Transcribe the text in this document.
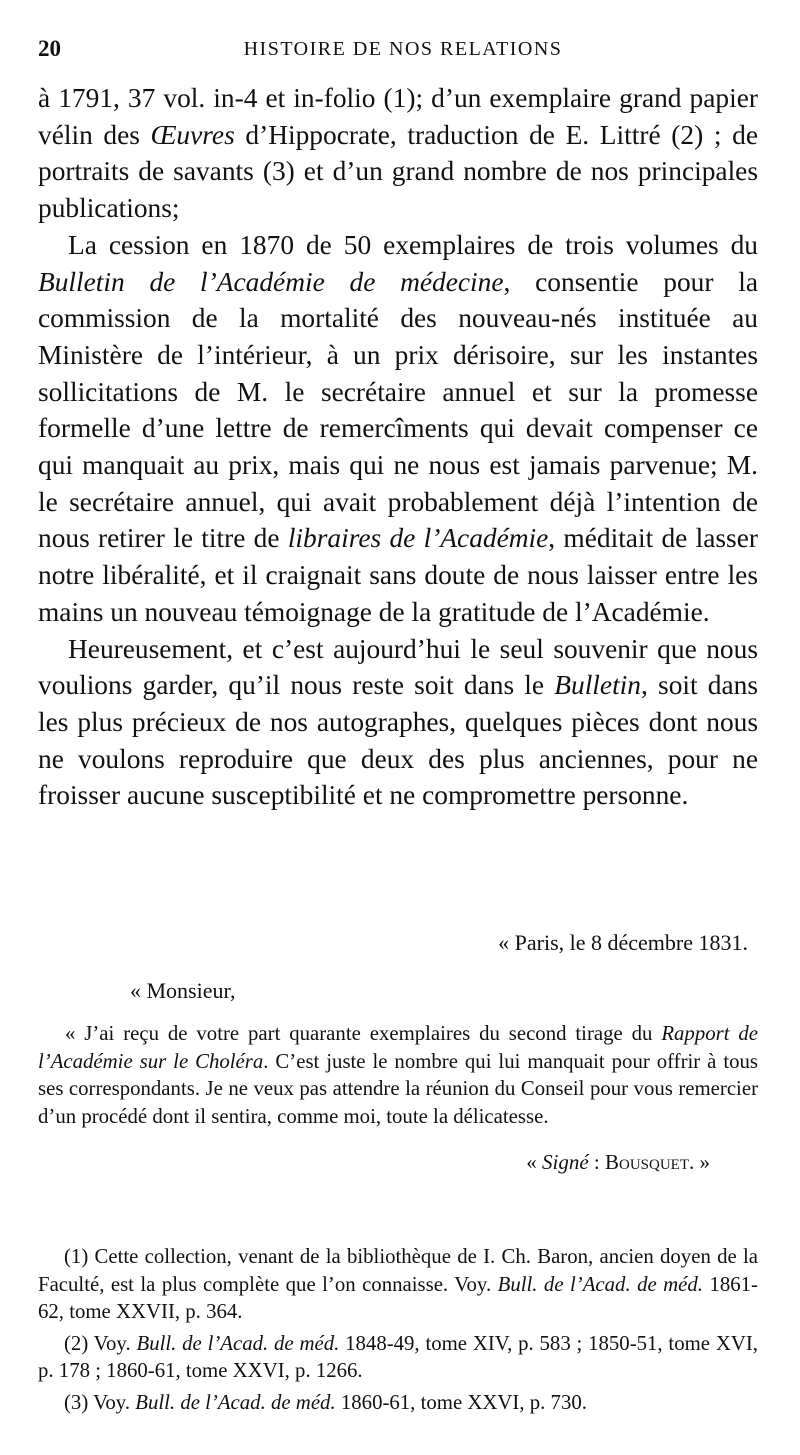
20	HISTOIRE DE NOS RELATIONS

à 1791, 37 vol. in-4 et in-folio (1); d’un exemplaire grand papier vélin des Œuvres d’Hippocrate, traduction de E. Littré (2) ; de portraits de savants (3) et d’un grand nombre de nos principales publications;

La cession en 1870 de 50 exemplaires de trois volumes du Bulletin de l’Académie de médecine, consentie pour la commission de la mortalité des nouveau-nés instituée au Ministère de l’intérieur, à un prix dérisoire, sur les instantes sollicitations de M. le secrétaire annuel et sur la promesse formelle d’une lettre de remercîments qui devait compenser ce qui manquait au prix, mais qui ne nous est jamais parvenue; M. le secrétaire annuel, qui avait probablement déjà l’intention de nous retirer le titre de libraires de l’Académie, méditait de lasser notre libéralité, et il craignait sans doute de nous laisser entre les mains un nouveau témoignage de la gratitude de l’Académie.

Heureusement, et c’est aujourd’hui le seul souvenir que nous voulions garder, qu’il nous reste soit dans le Bulletin, soit dans les plus précieux de nos autographes, quelques pièces dont nous ne voulons reproduire que deux des plus anciennes, pour ne froisser aucune susceptibilité et ne compromettre personne.

« Paris, le 8 décembre 1831.

« Monsieur,

« J’ai reçu de votre part quarante exemplaires du second tirage du Rapport de l’Académie sur le Choléra. C’est juste le nombre qui lui manquait pour offrir à tous ses correspondants. Je ne veux pas attendre la réunion du Conseil pour vous remercier d’un procédé dont il sentira, comme moi, toute la délicatesse.

« Signé : Bousquet. »

(1) Cette collection, venant de la bibliothèque de I. Ch. Baron, ancien doyen de la Faculté, est la plus complète que l’on connaisse. Voy. Bull. de l’Acad. de méd. 1861-62, tome XXVII, p. 364.

(2) Voy. Bull. de l’Acad. de méd. 1848-49, tome XIV, p. 583 ; 1850-51, tome XVI, p. 178 ; 1860-61, tome XXVI, p. 1266.

(3) Voy. Bull. de l’Acad. de méd. 1860-61, tome XXVI, p. 730.
